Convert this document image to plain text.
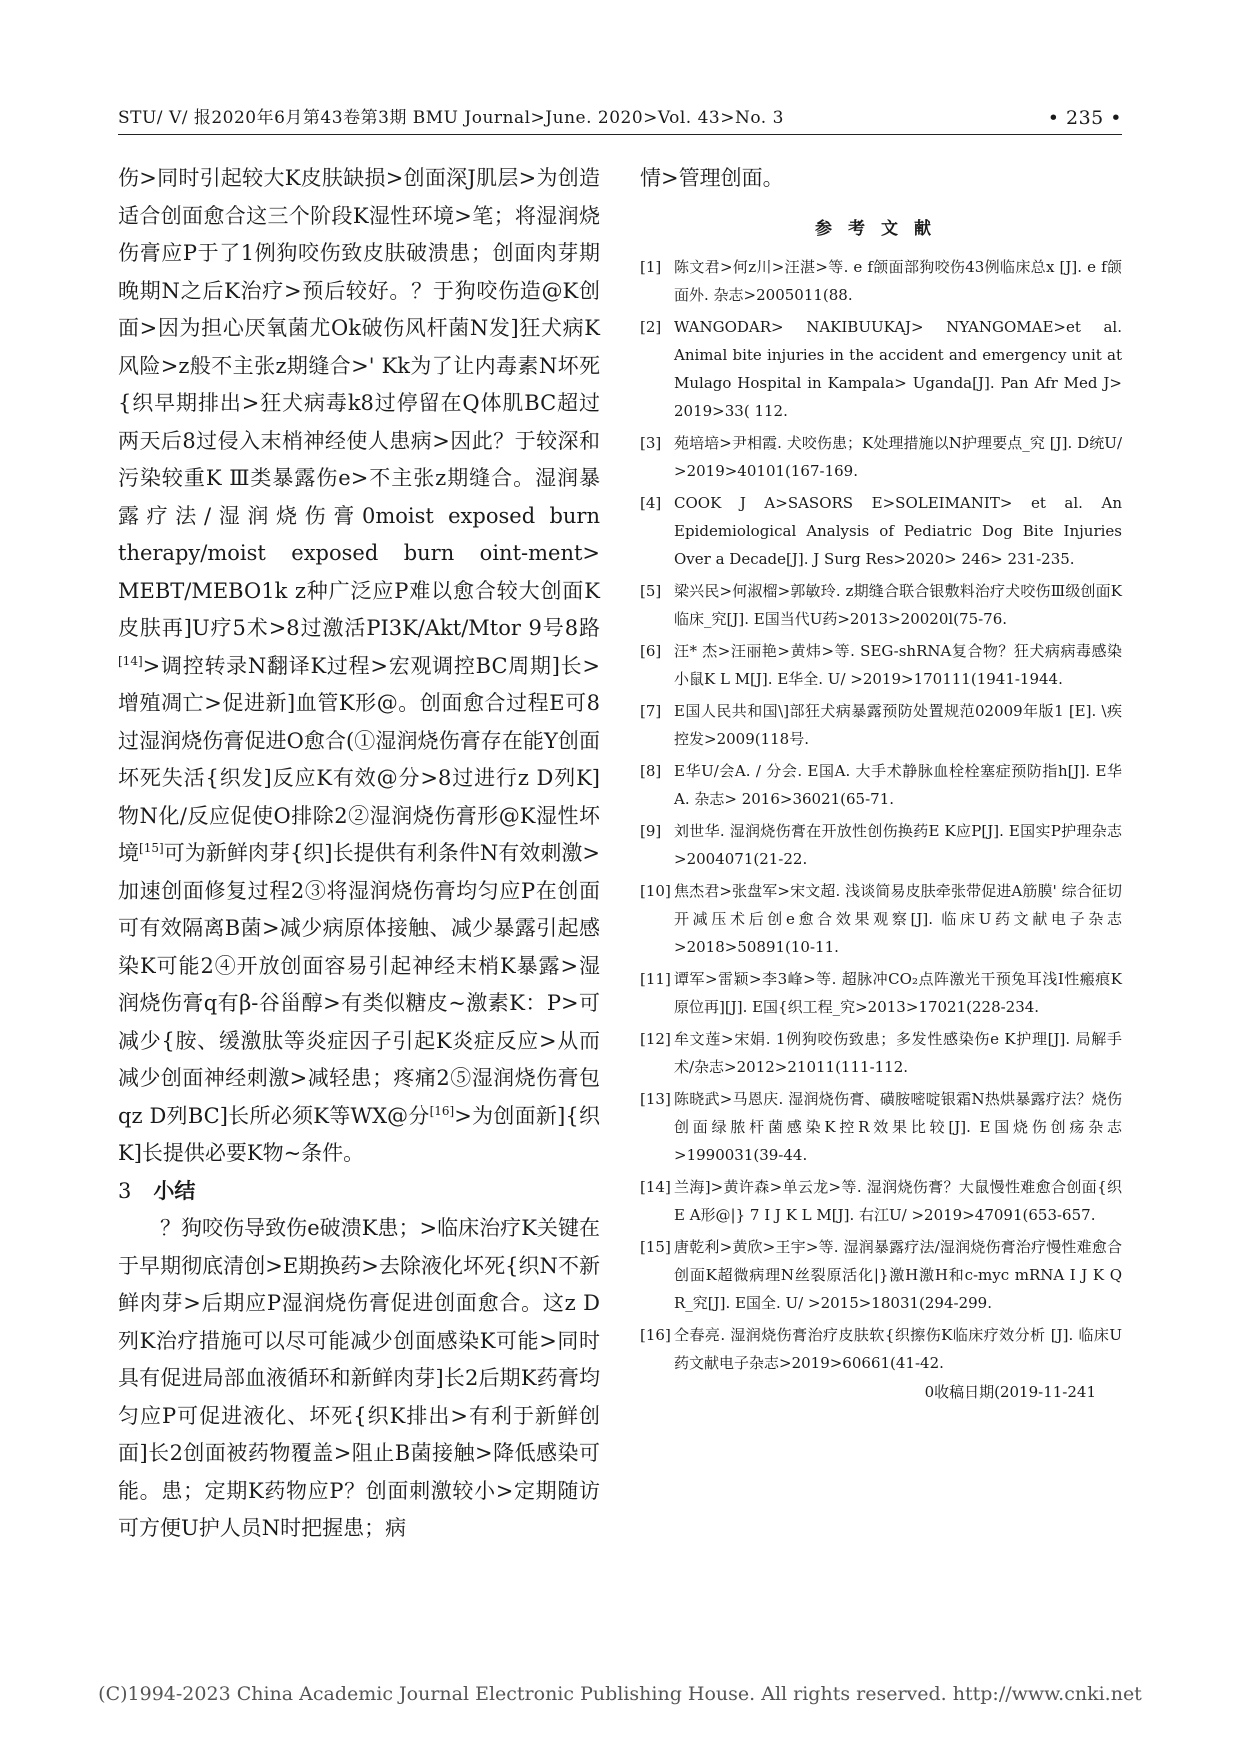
STU/ V/ 报2020年6月第43卷第3期 BMU Journal>June. 2020>Vol. 43>No. 3	• 235 •

伤>同时引起较大K皮肤缺损>创面深J肌层>为创造适合创面愈合这三个阶段K湿性环境>笔；将湿润烧伤膏应P于了1例狗咬伤致皮肤破溃患；创面肉芽期晚期N之后K治疗>预后较好。？于狗咬伤造@K创面>因为担心厌氧菌尤Ok破伤风杆菌N发]狂犬病K风险>z般不主张z期缝合>' Kk为了让内毒素N坏死{织早期排出>狂犬病毒k8过停留在Q体肌BC超过两天后8过侵入末梢神经使人患病>因此？于较深和污染较重K Ⅲ类暴露伤e>不主张z期缝合。湿润暴露疗法/湿润烧伤膏0moist exposed burn therapy/moist exposed burn oint-ment> MEBT/MEBO1k z种广泛应P难以愈合较大创面K皮肤再]U疗5术>8过激活PI3K/Akt/Mtor 9号8路[14]>调控转录N翻译K过程>宏观调控BC周期]长>增殖凋亡>促进新]血管K形@。创面愈合过程E可8过湿润烧伤膏促进O愈合(①湿润烧伤膏存在能Y创面坏死失活{织发]反应K有效@分>8过进行z D列K]物N化/反应促使O排除2②湿润烧伤膏形@K湿性坏境[15]可为新鲜肉芽{织]长提供有利条件N有效刺激>加速创面修复过程2③将湿润烧伤膏均匀应P在创面可有效隔离B菌>减少病原体接触、减少暴露引起感染K可能2④开放创面容易引起神经末梢K暴露>湿润烧伤膏q有β-谷甾醇>有类似糖皮~激素K：P>可减少{胺、缓激肽等炎症因子引起K炎症反应>从而减少创面神经刺激>减轻患；疼痛2⑤湿润烧伤膏包qz D列BC]长所必须K等WX@分[16]>为创面新]{织K]长提供必要K物~条件。

3 小结

？狗咬伤导致伤e破溃K患；>临床治疗K关键在于早期彻底清创>E期换药>去除液化坏死{织N不新鲜肉芽>后期应P湿润烧伤膏促进创面愈合。这z D列K治疗措施可以尽可能减少创面感染K可能>同时具有促进局部血液循环和新鲜肉芽]长2后期K药膏均匀应P可促进液化、坏死{织K排出>有利于新鲜创面]长2创面被药物覆盖>阻止B菌接触>降低感染可能。患；定期K药物应P？创面刺激较小>定期随访可方便U护人员N时把握患；病

情>管理创面。

参考文献
[1] 陈文君>何z川>汪湛>等. e f颌面部狗咬伤43例临床总x [J]. e f颌面外. 杂志>2005011(88.
[2] WANGODAR> NAKIBUUKAJ> NYANGOMAE>et al. Animal bite injuries in the accident and emergency unit at Mulago Hospital in Kampala> Uganda[J]. Pan Afr Med J> 2019>33( 112.
[3] 苑培培>尹相霞. 犬咬伤患；K处理措施以N护理要点_究 [J]. D统U/ >2019>40101(167-169.
[4] COOK J A>SASORS E>SOLEIMANIT> et al. An Epidemiological Analysis of Pediatric Dog Bite Injuries Over a Decade[J]. J Surg Res>2020> 246> 231-235.
[5] 梁兴民>何淑榴>郭敏玲. z期缝合联合银敷料治疗犬咬伤Ⅲ级创面K临床_究[J]. E国当代U药>2013>20020l(75-76.
[6] 汪* 杰>汪丽艳>黄炜>等. SEG-shRNA复合物？狂犬病病毒感染小鼠K L M[J]. E华全. U/ >2019>170111(1941-1944.
[7] E国人民共和国\]部狂犬病暴露预防处置规范02009年版1 [E]. \疾控发>2009(118号.
[8] E华U/会A. / 分会. E国A. 大手术静脉血栓栓塞症预防指h[J]. E华A. 杂志> 2016>36021(65-71.
[9] 刘世华. 湿润烧伤膏在开放性创伤换药E K应P[J]. E国实P护理杂志>2004071(21-22.
[10] 焦杰君>张盘军>宋文超. 浅谈简易皮肤牵张带促进A筋膜' 综合征切开减压术后创e愈合效果观察[J]. 临床U药文献电子杂志>2018>50891(10-11.
[11] 谭军>雷颖>李3峰>等. 超脉冲CO₂点阵激光干预兔耳浅I性瘢痕K原位再][J]. E国{织工程_究>2013>17021(228-234.
[12] 牟文莲>宋娟. 1例狗咬伤致患；多发性感染伤e K护理[J]. 局解手术/杂志>2012>21011(111-112.
[13] 陈晓武>马恩庆. 湿润烧伤膏、磺胺嘧啶银霜N热烘暴露疗法？烧伤创面绿脓杆菌感染K控R效果比较[J]. E国烧伤创疡杂志>1990031(39-44.
[14] 兰海]>黄许森>单云龙>等. 湿润烧伤膏？大鼠慢性难愈合创面{织E A形@|} 7 I J K L M[J]. 右江U/ >2019>47091(653-657.
[15] 唐乾利>黄欣>王宇>等. 湿润暴露疗法/湿润烧伤膏治疗慢性难愈合创面K超微病理N丝裂原活化|}激H激H和c-myc mRNA I J K Q R_究[J]. E国全. U/ >2015>18031(294-299.
[16] 仝春亮. 湿润烧伤膏治疗皮肤软{织擦伤K临床疗效分析 [J]. 临床U药文献电子杂志>2019>60661(41-42.
0收稿日期(2019-11-241
(C)1994-2023 China Academic Journal Electronic Publishing House. All rights reserved. http://www.cnki.net
